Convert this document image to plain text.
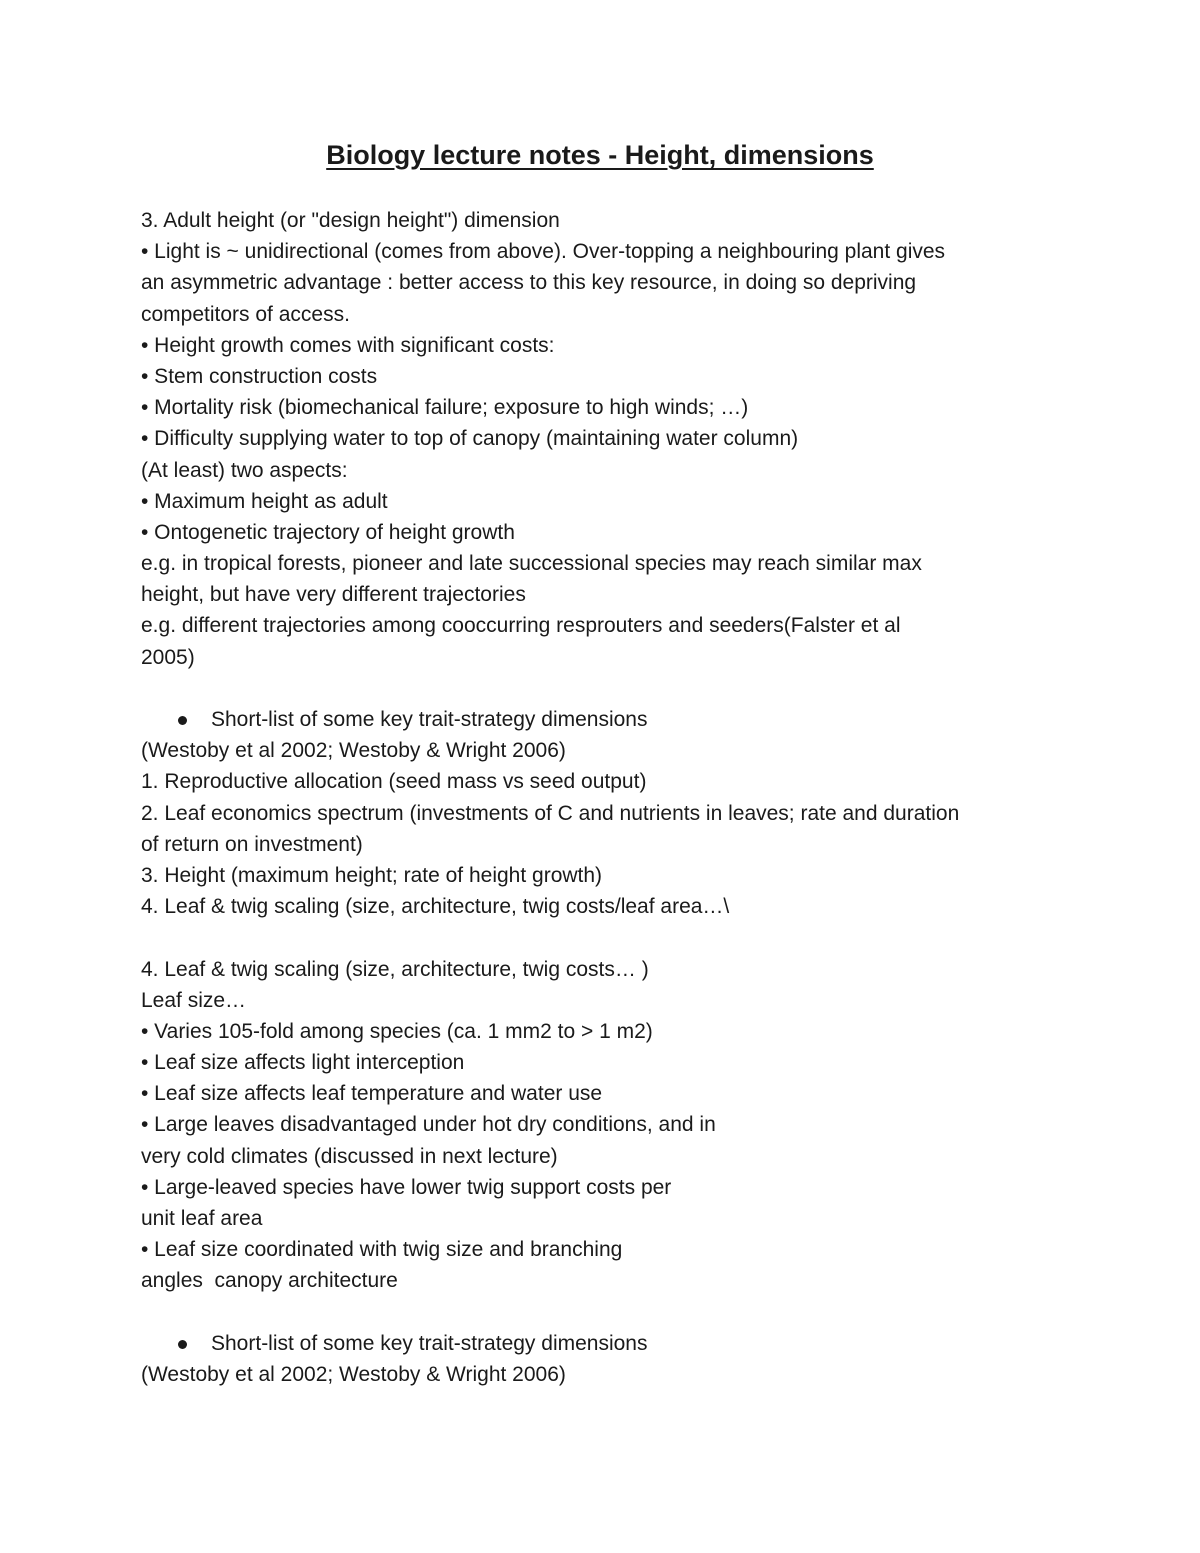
Biology lecture notes - Height, dimensions
3. Adult height (or "design height") dimension
• Light is ~ unidirectional (comes from above). Over-topping a neighbouring plant gives
an asymmetric advantage : better access to this key resource, in doing so depriving
competitors of access.
• Height growth comes with significant costs:
• Stem construction costs
• Mortality risk (biomechanical failure; exposure to high winds; …)
• Difficulty supplying water to top of canopy (maintaining water column)
(At least) two aspects:
• Maximum height as adult
• Ontogenetic trajectory of height growth
e.g. in tropical forests, pioneer and late successional species may reach similar max
height, but have very different trajectories
e.g. different trajectories among cooccurring resprouters and seeders(Falster et al
2005)
Short-list of some key trait-strategy dimensions
(Westoby et al 2002; Westoby & Wright 2006)
1. Reproductive allocation (seed mass vs seed output)
2. Leaf economics spectrum (investments of C and nutrients in leaves; rate and duration
of return on investment)
3. Height (maximum height; rate of height growth)
4. Leaf & twig scaling (size, architecture, twig costs/leaf area…\
4. Leaf & twig scaling (size, architecture, twig costs… )
Leaf size…
• Varies 105-fold among species (ca. 1 mm2 to > 1 m2)
• Leaf size affects light interception
• Leaf size affects leaf temperature and water use
• Large leaves disadvantaged under hot dry conditions, and in
very cold climates (discussed in next lecture)
• Large-leaved species have lower twig support costs per
unit leaf area
• Leaf size coordinated with twig size and branching
angles  canopy architecture
Short-list of some key trait-strategy dimensions
(Westoby et al 2002; Westoby & Wright 2006)
